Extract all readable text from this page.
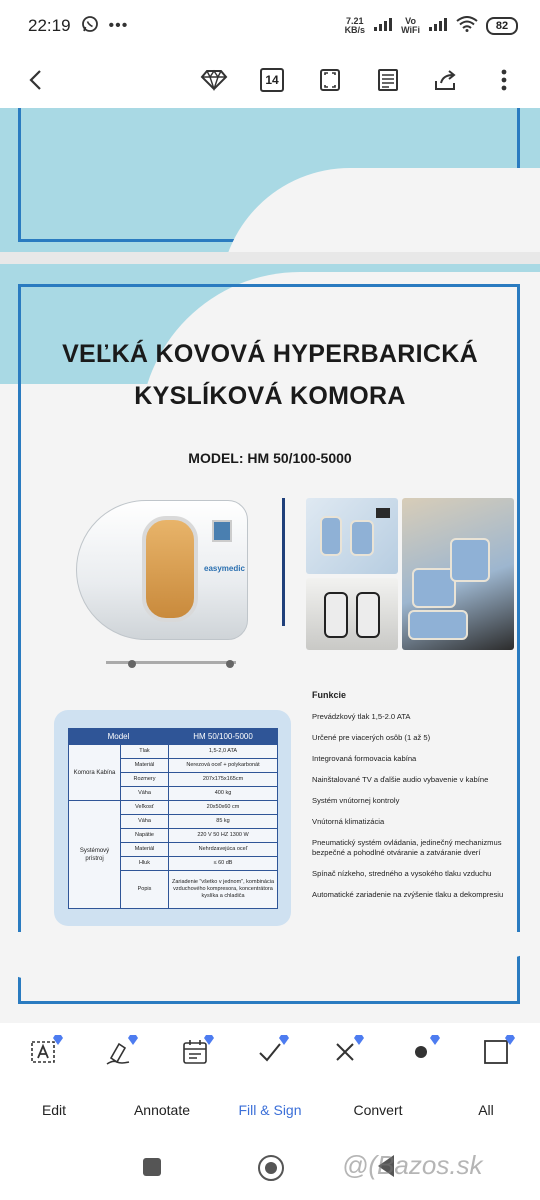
22:19 •••	7.21
KB/s
Vo
WiFi	82
14
VEĽKÁ KOVOVÁ HYPERBARICKÁ
KYSLÍKOVÁ KOMORA
MODEL: HM 50/100-5000
easymedic
Model		HM 50/100-5000
Komora Kabína	Tlak	1,5-2,0 ATA
	Materiál	Nerezová oceľ + polykarbonát
	Rozmery	207x175x165cm
	Váha	400 kg
Systémový prístroj	Veľkosť	20x50x60 cm
	Váha	85 kg
	Napätie	220 V 50 HZ 1300 W
	Materiál	Nehrdzavejúca oceľ
	Hluk	≤ 60 dB
	Popis	Zariadenie "všetko v jednom", kombinácia vzduchového kompresora, koncentrátora kyslíka a chladiča
Funkcie
Prevádzkový tlak 1,5-2.0 ATA
Určené pre viacerých osôb (1 až 5)
Integrovaná formovacia kabína
Nainštalované TV a ďalšie audio vybavenie v kabíne
Systém vnútornej kontroly
Vnútorná klimatizácia
Pneumatický systém ovládania, jedinečný mechanizmus bezpečné a pohodlné otváranie a zatváranie dverí
Spínač nízkeho, stredného a vysokého tlaku vzduchu
Automatické zariadenie na zvýšenie tlaku a dekompresiu
Edit	Annotate	Fill & Sign	Convert	All
@(Bazos.sk
